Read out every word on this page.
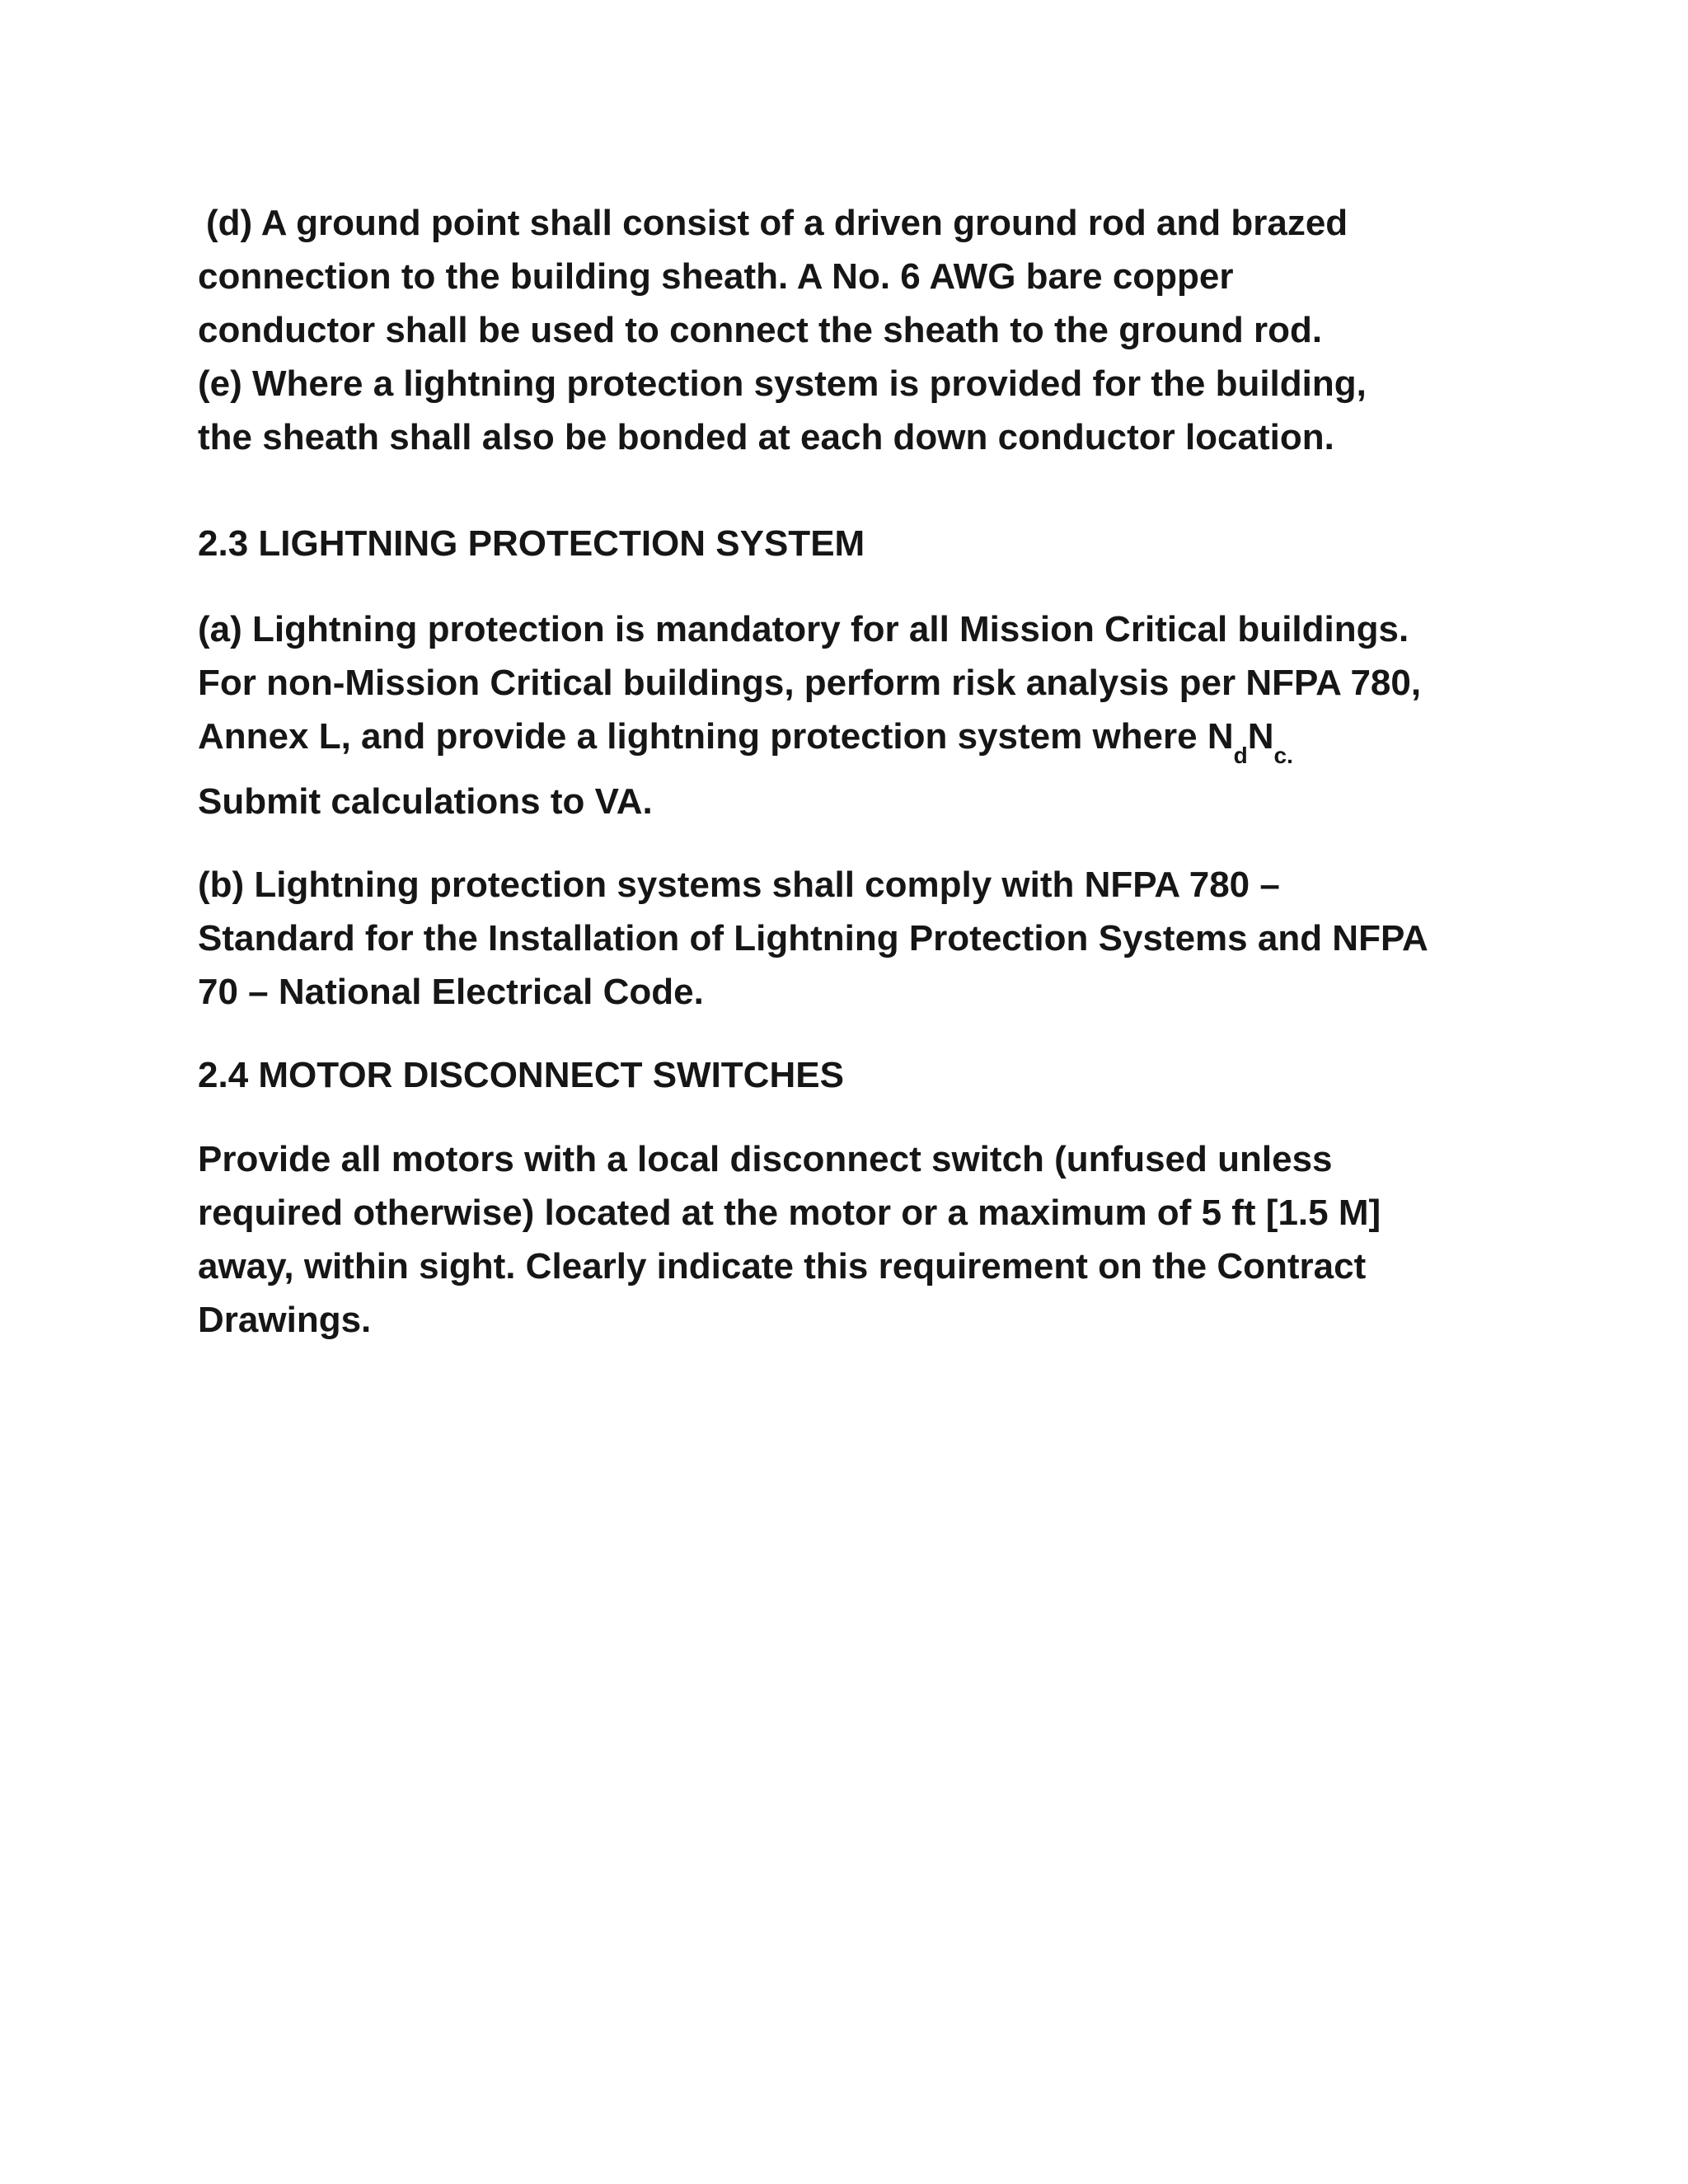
(d) A ground point shall consist of a driven ground rod and brazed
connection to the building sheath. A No. 6 AWG bare copper
conductor shall be used to connect the sheath to the ground rod.
(e) Where a lightning protection system is provided for the building,
the sheath shall also be bonded at each down conductor location.
2.3 LIGHTNING PROTECTION SYSTEM
(a) Lightning protection is mandatory for all Mission Critical buildings.
For non-Mission Critical buildings, perform risk analysis per NFPA 780,
Annex L, and provide a lightning protection system where $N_dN_{c.}$
Submit calculations to VA.
(b) Lightning protection systems shall comply with NFPA 780 –
Standard for the Installation of Lightning Protection Systems and NFPA
70 – National Electrical Code.
2.4 MOTOR DISCONNECT SWITCHES
Provide all motors with a local disconnect switch (unfused unless
required otherwise) located at the motor or a maximum of 5 ft [1.5 M]
away, within sight. Clearly indicate this requirement on the Contract
Drawings.
